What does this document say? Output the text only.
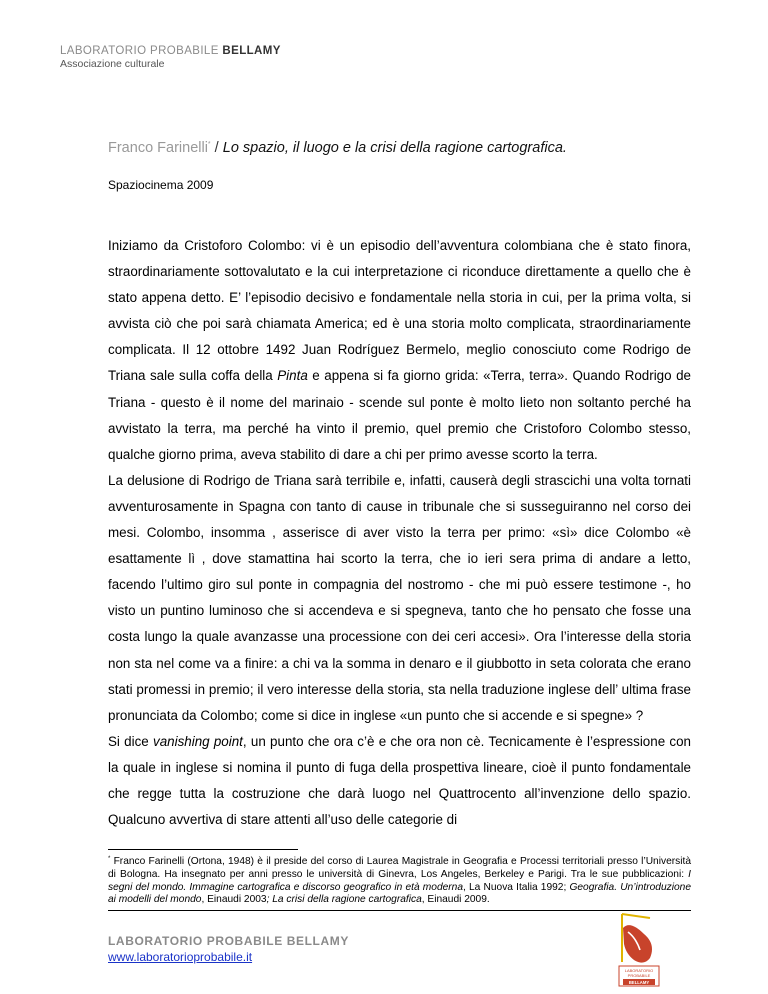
LABORATORIO PROBABILE BELLAMY
Associazione culturale
Franco Farinelli* / Lo spazio, il luogo e la crisi della ragione cartografica.
Spaziocinema 2009

Iniziamo da Cristoforo Colombo: vi è un episodio dell’avventura colombiana che è stato finora, straordinariamente sottovalutato e la cui interpretazione ci riconduce direttamente a quello che è stato appena detto. E’ l’episodio decisivo e fondamentale nella storia in cui, per la prima volta, si avvista ciò che poi sarà chiamata America; ed è una storia molto complicata, straordinariamente complicata. Il 12 ottobre 1492 Juan Rodríguez Bermelo, meglio conosciuto come Rodrigo de Triana sale sulla coffa della Pinta e appena si fa giorno grida: «Terra, terra». Quando Rodrigo de Triana - questo è il nome del marinaio - scende sul ponte è molto lieto non soltanto perché ha avvistato la terra, ma perché ha vinto il premio, quel premio che Cristoforo Colombo stesso, qualche giorno prima, aveva stabilito di dare a chi per primo avesse scorto la terra.

La delusione di Rodrigo de Triana sarà terribile e, infatti, causerà degli strascichi una volta tornati avventurosamente in Spagna con tanto di cause in tribunale che si susseguiranno nel corso dei mesi. Colombo, insomma , asserisce di aver visto la terra per primo: «sì» dice Colombo «è esattamente lì , dove stamattina hai scorto la terra, che io ieri sera prima di andare a letto, facendo l’ultimo giro sul ponte in compagnia del nostromo - che mi può essere testimone -, ho visto un puntino luminoso che si accendeva e si spegneva, tanto che ho pensato che fosse una costa lungo la quale avanzasse una processione con dei ceri accesi». Ora l’interesse della storia non sta nel come va a finire: a chi va la somma in denaro e il giubbotto in seta colorata che erano stati promessi in premio; il vero interesse della storia, sta nella traduzione inglese dell’ ultima frase pronunciata da Colombo; come si dice in inglese «un punto che si accende e si spegne» ?

Si dice vanishing point, un punto che ora c’è e che ora non cè. Tecnicamente è l’espressione con la quale in inglese si nomina il punto di fuga della prospettiva lineare, cioè il punto fondamentale che regge tutta la costruzione che darà luogo nel Quattrocento all’invenzione dello spazio. Qualcuno avvertiva di stare attenti all’uso delle categorie di

* Franco Farinelli (Ortona, 1948) è il preside del corso di Laurea Magistrale in Geografia e Processi territoriali presso l’Università di Bologna. Ha insegnato per anni presso le università di Ginevra, Los Angeles, Berkeley e Parigi. Tra le sue pubblicazioni: I segni del mondo. Immagine cartografica e discorso geografico in età moderna, La Nuova Italia 1992; Geografia. Un’introduzione ai modelli del mondo, Einaudi 2003; La crisi della ragione cartografica, Einaudi 2009.
LABORATORIO PROBABILE BELLAMY
www.laboratorioprobabile.it
LABORATORIO
PROBABILE
BELLAMY
